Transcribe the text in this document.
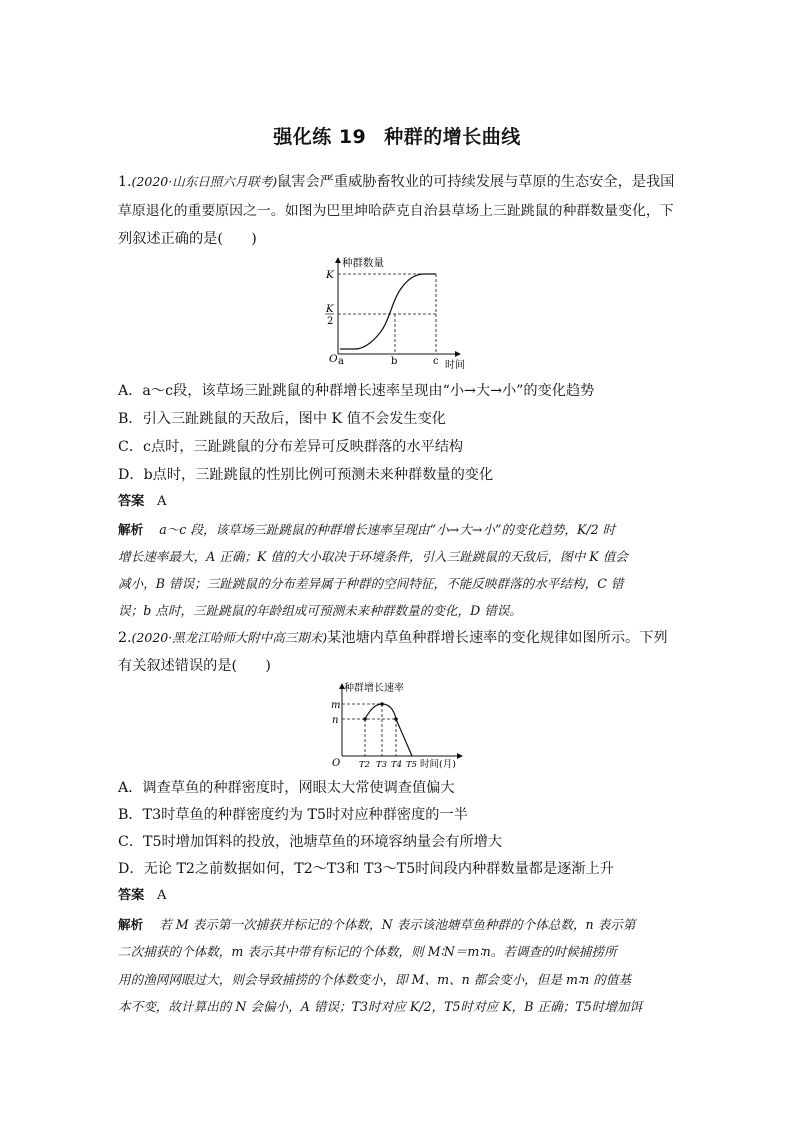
强化练 19 种群的增长曲线
1.(2020·山东日照六月联考)鼠害会严重威胁畜牧业的可持续发展与草原的生态安全，是我国
草原退化的重要原因之一。如图为巴里坤哈萨克自治县草场上三趾跳鼠的种群数量变化，下
列叙述正确的是(　　)
种群数量
K
K
2
O a	b	c 时间
A．a～c段，该草场三趾跳鼠的种群增长速率呈现由“小→大→小”的变化趋势
B．引入三趾跳鼠的天敌后，图中 K 值不会发生变化
C．c点时，三趾跳鼠的分布差异可反映群落的水平结构
D．b点时，三趾跳鼠的性别比例可预测未来种群数量的变化
答案 A
解析 a～c 段，该草场三趾跳鼠的种群增长速率呈现由“小→大→小”的变化趋势，K/2 时
增长速率最大，A 正确；K 值的大小取决于环境条件，引入三趾跳鼠的天敌后，图中 K 值会
减小，B 错误；三趾跳鼠的分布差异属于种群的空间特征，不能反映群落的水平结构，C 错
误；b 点时，三趾跳鼠的年龄组成可预测未来种群数量的变化，D 错误。
2.(2020·黑龙江哈师大附中高三期末)某池塘内草鱼种群增长速率的变化规律如图所示。下列
有关叙述错误的是(　　)
种群增长速率
m
n
O T2 T3 T4 T5 时间(月)
A．调查草鱼的种群密度时，网眼太大常使调查值偏大
B．T3时草鱼的种群密度约为 T5时对应种群密度的一半
C．T5时增加饵料的投放，池塘草鱼的环境容纳量会有所增大
D．无论 T2之前数据如何，T2～T3和 T3～T5时间段内种群数量都是逐渐上升
答案 A
解析 若 M 表示第一次捕获并标记的个体数，N 表示该池塘草鱼种群的个体总数，n 表示第
二次捕获的个体数，m 表示其中带有标记的个体数，则 M∶N＝m∶n。若调查的时候捕捞所
用的渔网网眼过大，则会导致捕捞的个体数变小，即 M、m、n 都会变小，但是 m∶n 的值基
本不变，故计算出的 N 会偏小，A 错误；T3时对应 K/2，T5时对应 K，B 正确；T5时增加饵
